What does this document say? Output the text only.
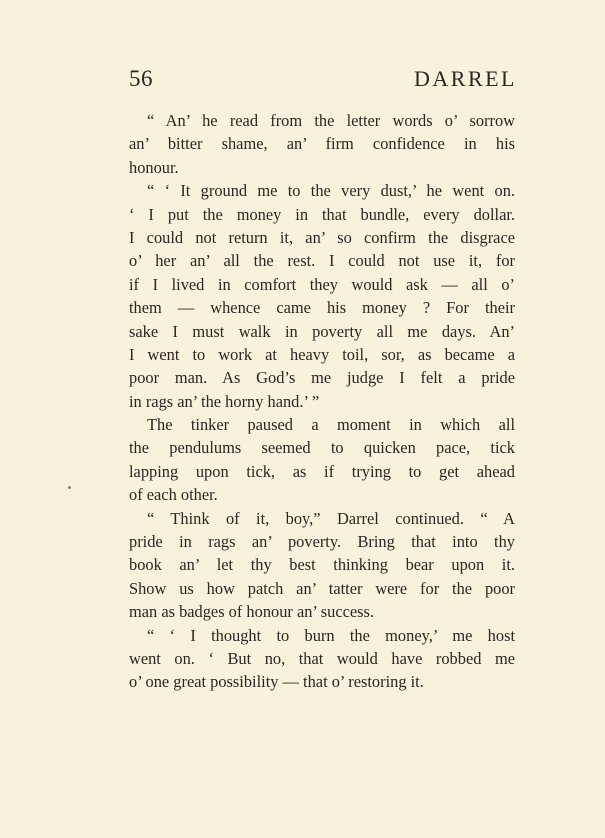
56	DARREL
“ An’ he read from the letter words o’ sorrow
an’ bitter shame, an’ firm confidence in his
honour.
“ ‘ It ground me to the very dust,’ he went on.
‘ I put the money in that bundle, every dollar.
I could not return it, an’ so confirm the disgrace
o’ her an’ all the rest. I could not use it, for
if I lived in comfort they would ask — all o’
them — whence came his money ? For their
sake I must walk in poverty all me days. An’
I went to work at heavy toil, sor, as became a
poor man. As God’s me judge I felt a pride
in rags an’ the horny hand.’ ”
The tinker paused a moment in which all
the pendulums seemed to quicken pace, tick
lapping upon tick, as if trying to get ahead
of each other.
“ Think of it, boy,” Darrel continued. “ A
pride in rags an’ poverty. Bring that into thy
book an’ let thy best thinking bear upon it.
Show us how patch an’ tatter were for the poor
man as badges of honour an’ success.
“ ‘ I thought to burn the money,’ me host
went on. ‘ But no, that would have robbed me
o’ one great possibility — that o’ restoring it.
